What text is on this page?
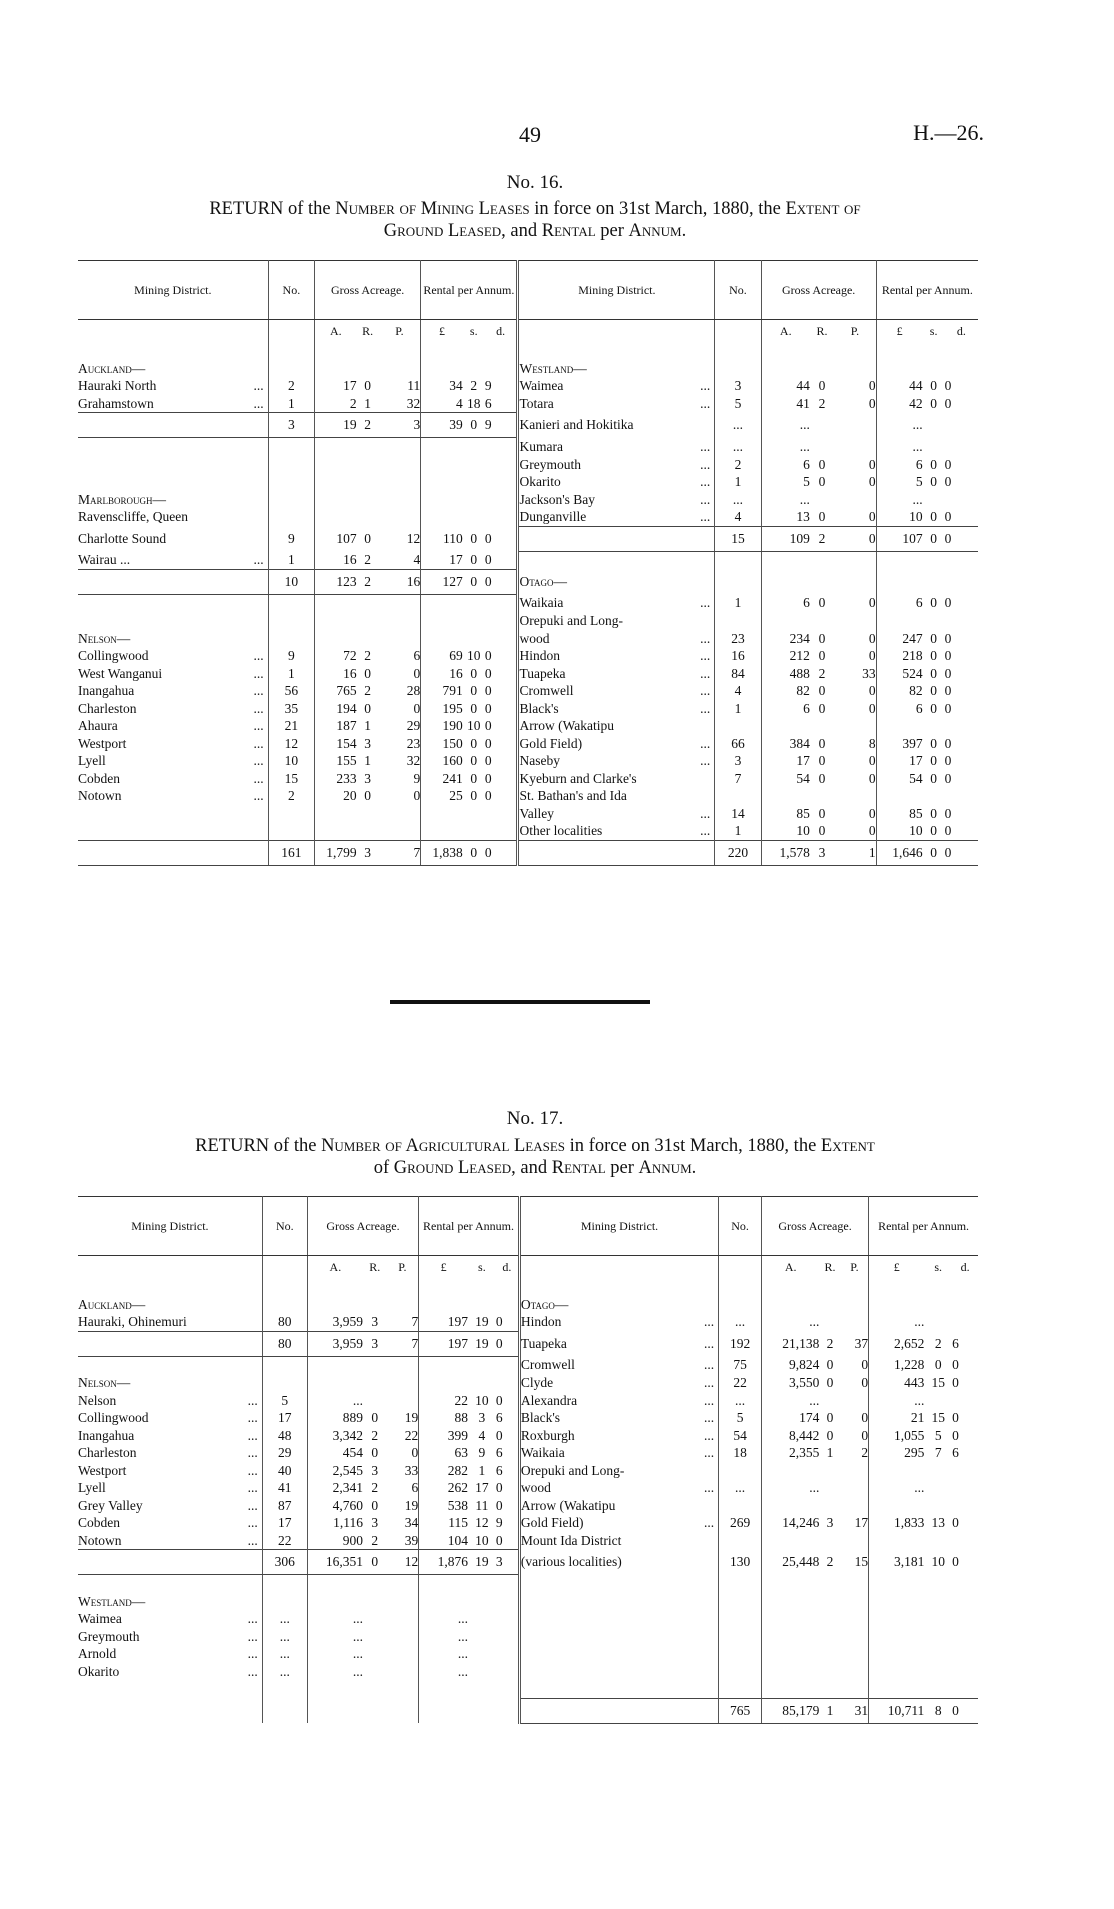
49	H.—26.
No. 16.
RETURN of the Number of Mining Leases in force on 31st March, 1880, the Extent of
Ground Leased, and Rental per Annum.
Mining District.	No.	Gross Acreage.			Rental per Annum.			Mining District.	No.	Gross Acreage.			Rental per Annum.		
		A.	R.	P.	£	s.	d.			A.	R.	P.	£	s.	d.

Auckland—								Westland—							
Hauraki North ...	2	17	0	11	34	2	9	Waimea ...	3	44	0	0	44	0	0
Grahamstown ...	1	2	1	32	4	18	6	Totara ...	5	41	2	0	42	0	0
	3	19	2	3	39	0	9	Kanieri and Hokitika	...	...			...		
								Kumara ...	...	...			...		
								Greymouth ...	2	6	0	0	6	0	0
								Okarito ...	1	5	0	0	5	0	0
Marlborough—								Jackson's Bay ...	...	...			...		
Ravenscliffe, Queen								Dunganville ...	4	13	0	0	10	0	0
Charlotte Sound	9	107	0	12	110	0	0		15	109	2	0	107	0	0
Wairau ... ...	1	16	2	4	17	0	0								
	10	123	2	16	127	0	0	Otago—							
								Waikaia ...	1	6	0	0	6	0	0
								Orepuki and Long-							
Nelson—								wood ...	23	234	0	0	247	0	0
Collingwood ...	9	72	2	6	69	10	0	Hindon ...	16	212	0	0	218	0	0
West Wanganui ...	1	16	0	0	16	0	0	Tuapeka ...	84	488	2	33	524	0	0
Inangahua ...	56	765	2	28	791	0	0	Cromwell ...	4	82	0	0	82	0	0
Charleston ...	35	194	0	0	195	0	0	Black's ...	1	6	0	0	6	0	0
Ahaura ...	21	187	1	29	190	10	0	Arrow (Wakatipu							
Westport ...	12	154	3	23	150	0	0	Gold Field) ...	66	384	0	8	397	0	0
Lyell ...	10	155	1	32	160	0	0	Naseby ...	3	17	0	0	17	0	0
Cobden ...	15	233	3	9	241	0	0	Kyeburn and Clarke's	7	54	0	0	54	0	0
Notown ...	2	20	0	0	25	0	0	St. Bathan's and Ida							
								Valley ...	14	85	0	0	85	0	0
								Other localities ...	1	10	0	0	10	0	0
	161	1,799	3	7	1,838	0	0		220	1,578	3	1	1,646	0	0
No. 17.
RETURN of the Number of Agricultural Leases in force on 31st March, 1880, the Extent
of Ground Leased, and Rental per Annum.
Mining District.	No.	Gross Acreage.			Rental per Annum.			Mining District.	No.	Gross Acreage.			Rental per Annum.		
		A.	R.	P.	£	s.	d.			A.	R.	P.	£	s.	d.

Auckland—								Otago—							
Hauraki, Ohinemuri	80	3,959	3	7	197	19	0	Hindon ...	...	...			...		
	80	3,959	3	7	197	19	0	Tuapeka ...	192	21,138	2	37	2,652	2	6
								Cromwell ...	75	9,824	0	0	1,228	0	0
Nelson—								Clyde ...	22	3,550	0	0	443	15	0
Nelson ...	5	...			22	10	0	Alexandra ...	...	...			...		
Collingwood ...	17	889	0	19	88	3	6	Black's ...	5	174	0	0	21	15	0
Inangahua ...	48	3,342	2	22	399	4	0	Roxburgh ...	54	8,442	0	0	1,055	5	0
Charleston ...	29	454	0	0	63	9	6	Waikaia ...	18	2,355	1	2	295	7	6
Westport ...	40	2,545	3	33	282	1	6	Orepuki and Long-							
Lyell ...	41	2,341	2	6	262	17	0	wood ...	...	...			...		
Grey Valley ...	87	4,760	0	19	538	11	0	Arrow (Wakatipu							
Cobden ...	17	1,116	3	34	115	12	9	Gold Field) ...	269	14,246	3	17	1,833	13	0
Notown ...	22	900	2	39	104	10	0	Mount Ida District							
	306	16,351	0	12	1,876	19	3	(various localities)	130	25,448	2	15	3,181	10	0

Westland—															
Waimea ...	...	...			...										
Greymouth ...	...	...			...										
Arnold ...	...	...			...										
Okarito ...	...	...			...										

									765	85,179	1	31	10,711	8	0
